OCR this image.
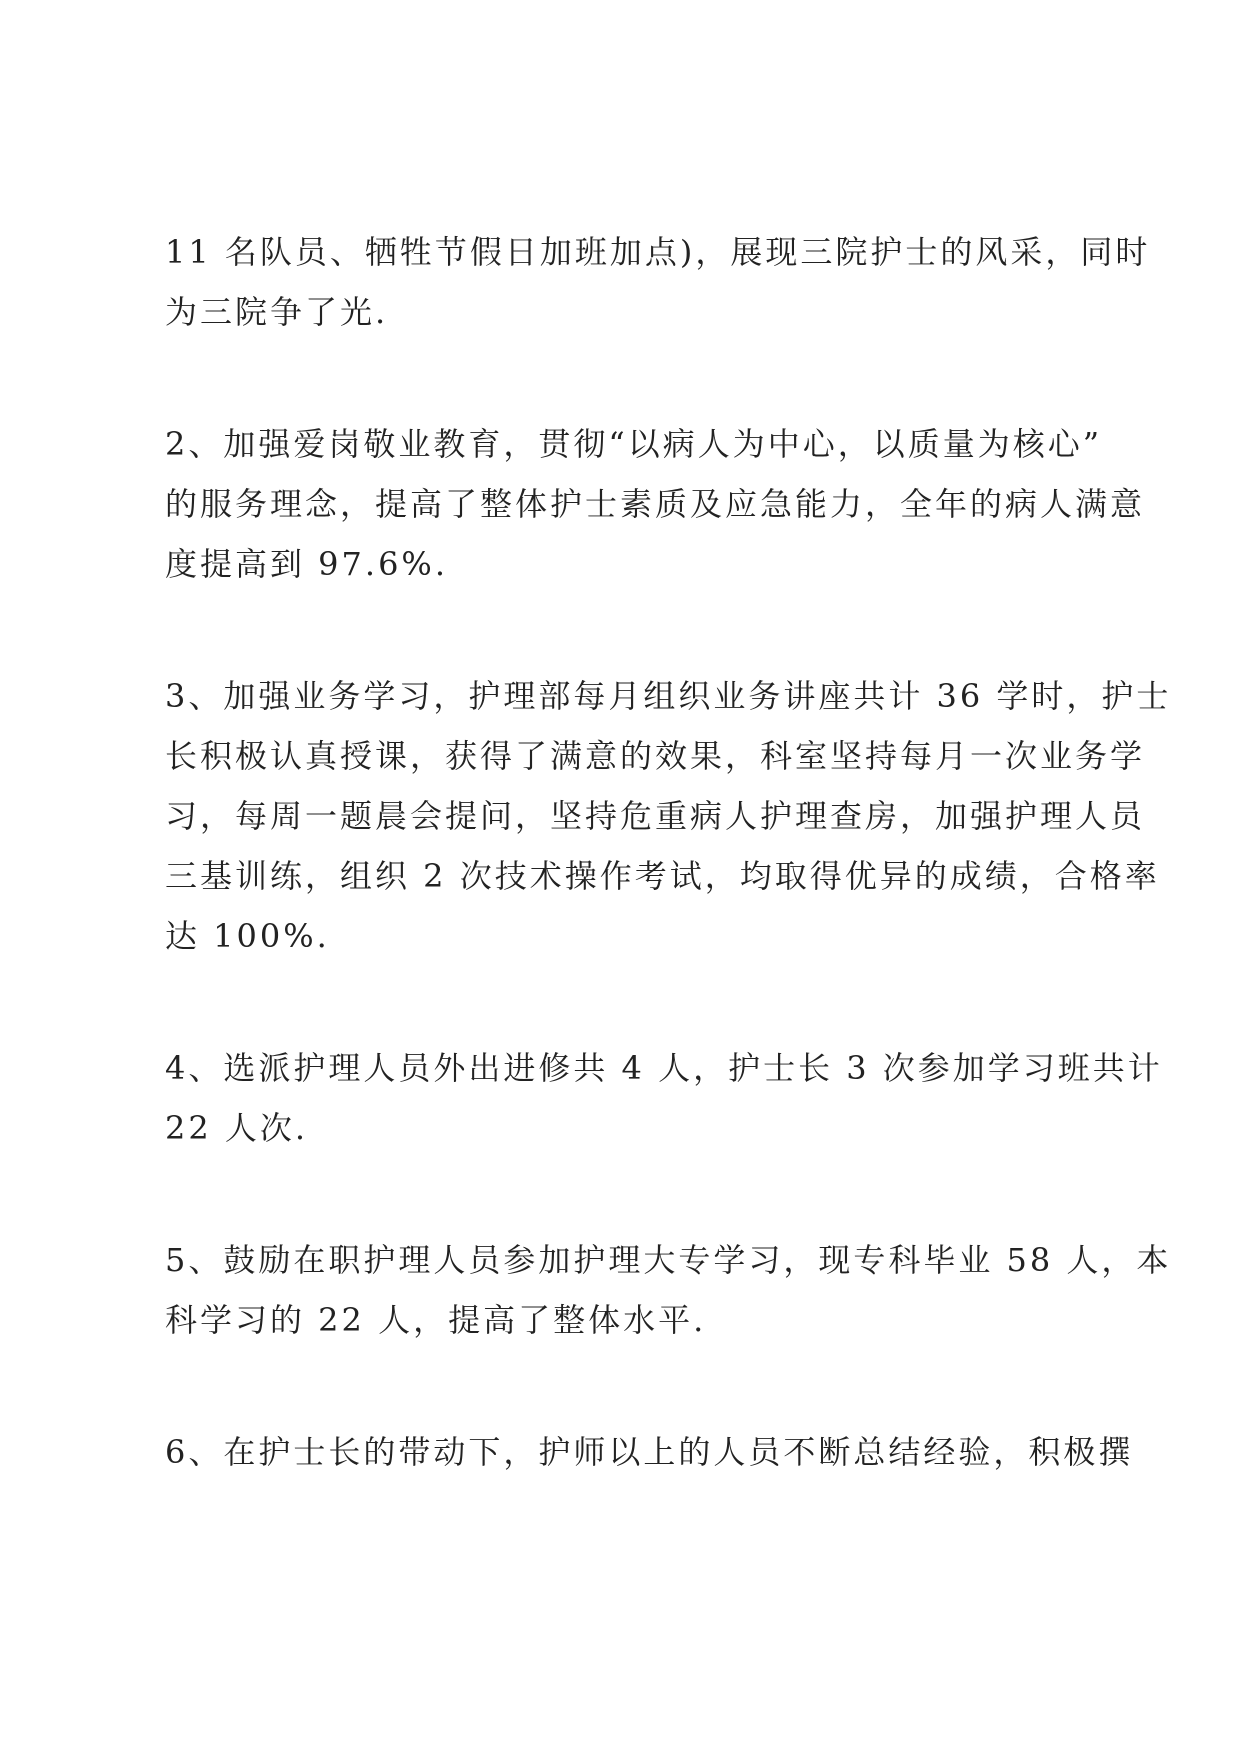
11 名队员、牺牲节假日加班加点)，展现三院护士的风采，同时
为三院争了光.

2、加强爱岗敬业教育，贯彻“以病人为中心，以质量为核心”
的服务理念，提高了整体护士素质及应急能力，全年的病人满意
度提高到 97.6%.

3、加强业务学习，护理部每月组织业务讲座共计 36 学时，护士
长积极认真授课，获得了满意的效果，科室坚持每月一次业务学
习，每周一题晨会提问，坚持危重病人护理查房，加强护理人员
三基训练，组织 2 次技术操作考试，均取得优异的成绩，合格率
达 100%.

4、选派护理人员外出进修共 4 人，护士长 3 次参加学习班共计
22 人次.

5、鼓励在职护理人员参加护理大专学习，现专科毕业 58 人，本
科学习的 22 人，提高了整体水平.

6、在护士长的带动下，护师以上的人员不断总结经验，积极撰
